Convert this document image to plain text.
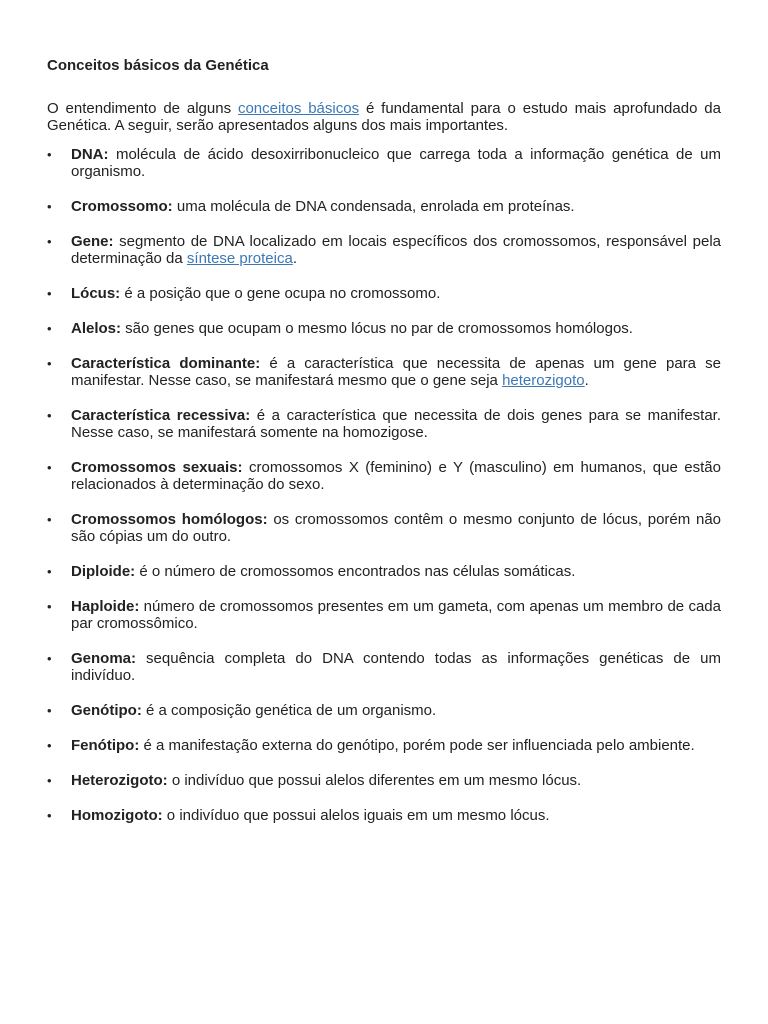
Conceitos básicos da Genética

O entendimento de alguns conceitos básicos é fundamental para o estudo mais aprofundado da Genética. A seguir, serão apresentados alguns dos mais importantes.

• DNA: molécula de ácido desoxirribonucleico que carrega toda a informação genética de um organismo.
• Cromossomo: uma molécula de DNA condensada, enrolada em proteínas.
• Gene: segmento de DNA localizado em locais específicos dos cromossomos, responsável pela determinação da síntese proteica.
• Lócus: é a posição que o gene ocupa no cromossomo.
• Alelos: são genes que ocupam o mesmo lócus no par de cromossomos homólogos.
• Característica dominante: é a característica que necessita de apenas um gene para se manifestar. Nesse caso, se manifestará mesmo que o gene seja heterozigoto.
• Característica recessiva: é a característica que necessita de dois genes para se manifestar. Nesse caso, se manifestará somente na homozigose.
• Cromossomos sexuais: cromossomos X (feminino) e Y (masculino) em humanos, que estão relacionados à determinação do sexo.
• Cromossomos homólogos: os cromossomos contêm o mesmo conjunto de lócus, porém não são cópias um do outro.
• Diploide: é o número de cromossomos encontrados nas células somáticas.
• Haploide: número de cromossomos presentes em um gameta, com apenas um membro de cada par cromossômico.
• Genoma: sequência completa do DNA contendo todas as informações genéticas de um indivíduo.
• Genótipo: é a composição genética de um organismo.
• Fenótipo: é a manifestação externa do genótipo, porém pode ser influenciada pelo ambiente.
• Heterozigoto: o indivíduo que possui alelos diferentes em um mesmo lócus.
• Homozigoto: o indivíduo que possui alelos iguais em um mesmo lócus.
